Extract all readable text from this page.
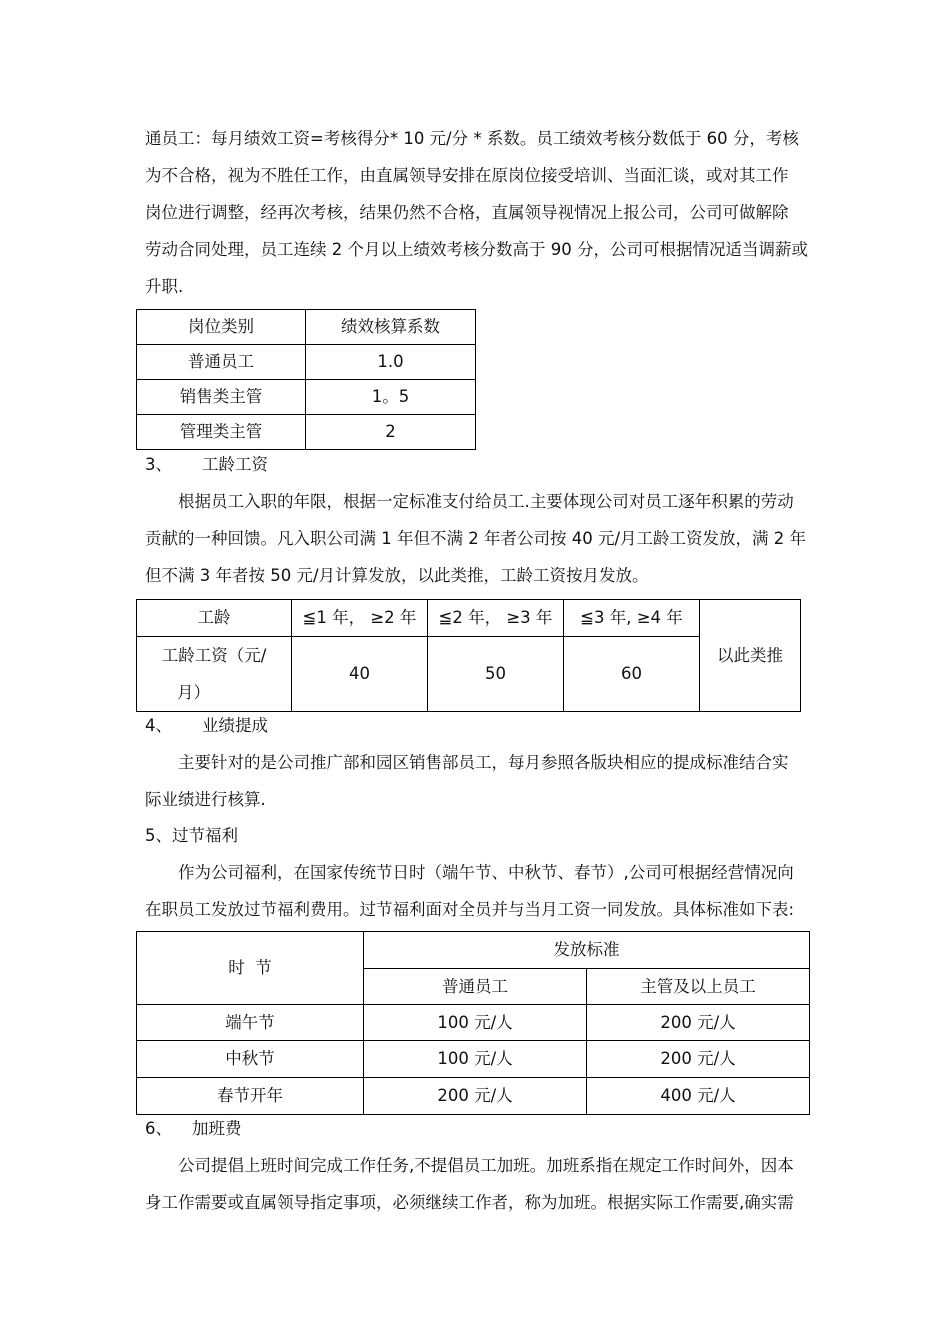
通员工：每月绩效工资=考核得分* 10 元/分 * 系数。员工绩效考核分数低于 60 分，考核
为不合格，视为不胜任工作，由直属领导安排在原岗位接受培训、当面汇谈，或对其工作
岗位进行调整，经再次考核，结果仍然不合格，直属领导视情况上报公司，公司可做解除
劳动合同处理，员工连续 2 个月以上绩效考核分数高于 90 分，公司可根据情况适当调薪或
升职.
岗位类别	绩效核算系数
普通员工	1.0
销售类主管	1。5
管理类主管	2
3、 工龄工资
根据员工入职的年限，根据一定标准支付给员工.主要体现公司对员工逐年积累的劳动
贡献的一种回馈。凡入职公司满 1 年但不满 2 年者公司按 40 元/月工龄工资发放，满 2 年
但不满 3 年者按 50 元/月计算发放，以此类推，工龄工资按月发放。
工龄	≦1 年， ≥2 年	≦2 年， ≥3 年	≦3 年, ≥4 年	以此类推

工龄工资（元/
月）	40	50	60	
4、 业绩提成
主要针对的是公司推广部和园区销售部员工，每月参照各版块相应的提成标准结合实
际业绩进行核算.
5、过节福利
作为公司福利，在国家传统节日时（端午节、中秋节、春节）,公司可根据经营情况向
在职员工发放过节福利费用。过节福利面对全员并与当月工资一同发放。具体标准如下表:
时  节	发放标准	
	普通员工	主管及以上员工
端午节	100 元/人	200 元/人
中秋节	100 元/人	200 元/人
春节开年	200 元/人	400 元/人
6、 加班费
公司提倡上班时间完成工作任务,不提倡员工加班。加班系指在规定工作时间外，因本
身工作需要或直属领导指定事项，必须继续工作者，称为加班。根据实际工作需要,确实需
